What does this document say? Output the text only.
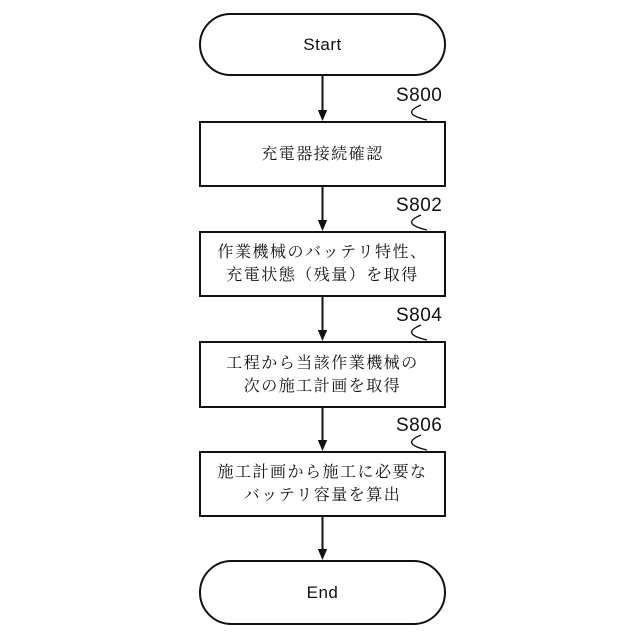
Start
S800
充電器接続確認
S802
作業機械のバッテリ特性、
充電状態（残量）を取得
S804
工程から当該作業機械の
次の施工計画を取得
S806
施工計画から施工に必要な
バッテリ容量を算出
End
